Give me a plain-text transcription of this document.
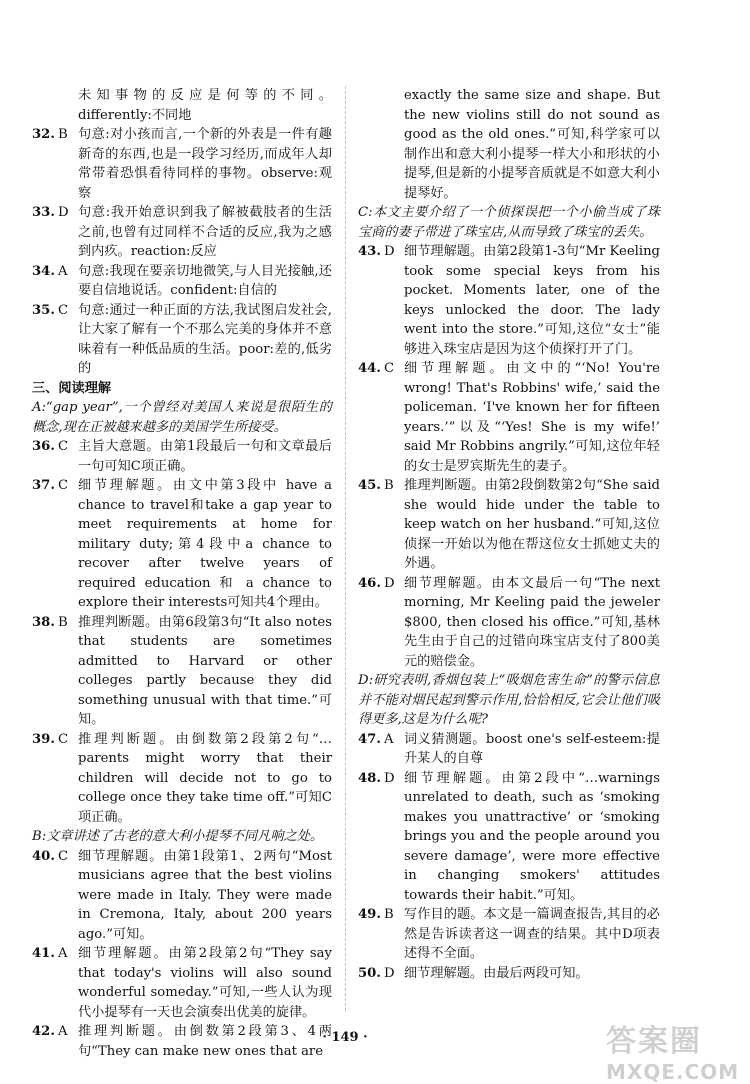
未知事物的反应是何等的不同。differently:不同地
32. B 句意:对小孩而言,一个新的外表是一件有趣新奇的东西,也是一段学习经历,而成年人却常带着恐惧看待同样的事物。observe:观察
33. D 句意:我开始意识到我了解被截肢者的生活之前,也曾有过同样不合适的反应,我为之感到内疚。reaction:反应
34. A 句意:我现在要亲切地微笑,与人目光接触,还要自信地说话。confident:自信的
35. C 句意:通过一种正面的方法,我试图启发社会,让大家了解有一个不那么完美的身体并不意味着有一种低品质的生活。poor:差的,低劣的
三、阅读理解

A:“gap year”,一个曾经对美国人来说是很陌生的概念,现在正被越来越多的美国学生所接受。

36. C 主旨大意题。由第1段最后一句和文章最后一句可知C项正确。
37. C 细节理解题。由文中第3段中 have a chance to travel和take a gap year to meet requirements at home for military duty;第4段中a chance to recover after twelve years of required education 和 a chance to explore their interests可知共4个理由。
38. B 推理判断题。由第6段第3句“It also notes that students are sometimes admitted to Harvard or other colleges partly because they did something unusual with that time.”可知。
39. C 推理判断题。由倒数第2段第2句“…parents might worry that their children will decide not to go to college once they take time off.”可知C项正确。

B:文章讲述了古老的意大利小提琴不同凡响之处。

40. C 细节理解题。由第1段第1、2两句“Most musicians agree that the best violins were made in Italy. They were made in Cremona, Italy, about 200 years ago.”可知。
41. A 细节理解题。由第2段第2句“They say that today's violins will also sound wonderful someday.”可知,一些人认为现代小提琴有一天也会演奏出优美的旋律。
42. A 推理判断题。由倒数第2段第3、4两句“They can make new ones that are
exactly the same size and shape. But the new violins still do not sound as good as the old ones.”可知,科学家可以制作出和意大利小提琴一样大小和形状的小提琴,但是新的小提琴音质就是不如意大利小提琴好。

C:本文主要介绍了一个侦探误把一个小偷当成了珠宝商的妻子带进了珠宝店,从而导致了珠宝的丢失。

43. D 细节理解题。由第2段第1-3句“Mr Keeling took some special keys from his pocket. Moments later, one of the keys unlocked the door. The lady went into the store.”可知,这位“女士”能够进入珠宝店是因为这个侦探打开了门。
44. C 细节理解题。由文中的“‘No! You're wrong! That's Robbins' wife,’ said the policeman. ‘I've known her for fifteen years.’”以及“‘Yes! She is my wife!’ said Mr Robbins angrily.”可知,这位年轻的女士是罗宾斯先生的妻子。
45. B 推理判断题。由第2段倒数第2句“She said she would hide under the table to keep watch on her husband.”可知,这位侦探一开始以为他在帮这位女士抓她丈夫的外遇。
46. D 细节理解题。由本文最后一句“The next morning, Mr Keeling paid the jeweler $800, then closed his office.”可知,基林先生由于自己的过错向珠宝店支付了800美元的赔偿金。

D:研究表明,香烟包装上“吸烟危害生命”的警示信息并不能对烟民起到警示作用,恰恰相反,它会让他们吸得更多,这是为什么呢?

47. A 词义猜测题。boost one's self-esteem:提升某人的自尊
48. D 细节理解题。由第2段中“…warnings unrelated to death, such as ‘smoking makes you unattractive’ or ‘smoking brings you and the people around you severe damage’, were more effective in changing smokers' attitudes towards their habit.”可知。
49. B 写作目的题。本文是一篇调查报告,其目的必然是告诉读者这一调查的结果。其中D项表述得不全面。
50. D 细节理解题。由最后两段可知。
· 149 ·	答案圈
MXQE.COM
